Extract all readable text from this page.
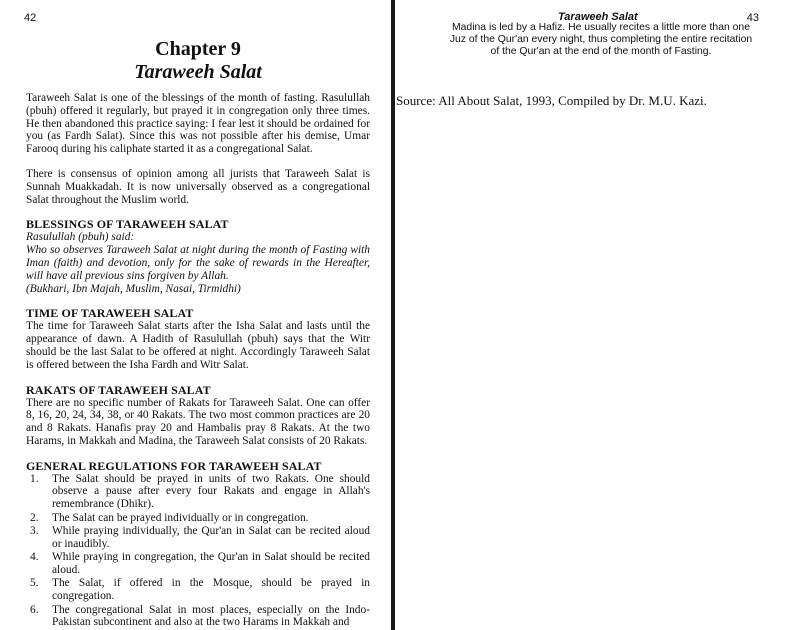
42
Chapter 9
Taraweeh Salat

Taraweeh Salat is one of the blessings of the month of fasting. Rasulullah (pbuh) offered it regularly, but prayed it in congregation only three times. He then abandoned this practice saying: I fear lest it should be ordained for you (as Fardh Salat). Since this was not possible after his demise, Umar Farooq during his caliphate started it as a congregational Salat.

There is consensus of opinion among all jurists that Taraweeh Salat is Sunnah Muakkadah. It is now universally observed as a congregational Salat throughout the Muslim world.

BLESSINGS OF TARAWEEH SALAT
Rasulullah (pbuh) said:
Who so observes Taraweeh Salat at night during the month of Fasting with Iman (faith) and devotion, only for the sake of rewards in the Hereafter, will have all previous sins forgiven by Allah.

(Bukhari, Ibn Majah, Muslim, Nasai, Tirmidhi)

TIME OF TARAWEEH SALAT

The time for Taraweeh Salat starts after the Isha Salat and lasts until the appearance of dawn. A Hadith of Rasulullah (pbuh) says that the Witr should be the last Salat to be offered at night. Accordingly Taraweeh Salat is offered between the Isha Fardh and Witr Salat.

RAKATS OF TARAWEEH SALAT

There are no specific number of Rakats for Taraweeh Salat. One can offer 8, 16, 20, 24, 34, 38, or 40 Rakats. The two most common practices are 20 and 8 Rakats. Hanafis pray 20 and Hambalis pray 8 Rakats. At the two Harams, in Makkah and Madina, the Taraweeh Salat consists of 20 Rakats.

GENERAL REGULATIONS FOR TARAWEEH SALAT
1.	The Salat should be prayed in units of two Rakats. One should observe a pause after every four Rakats and engage in Allah's remembrance (Dhikr).
2.	The Salat can be prayed individually or in congregation.
3.	While praying individually, the Qur'an in Salat can be recited aloud or inaudibly.
4.	While praying in congregation, the Qur'an in Salat should be recited aloud.
5.	The Salat, if offered in the Mosque, should be prayed in congregation.
6.	The congregational Salat in most places, especially on the Indo-Pakistan subcontinent and also at the two Harams in Makkah and
Taraweeh Salat	43
Madina is led by a Hafiz. He usually recites a little more than one Juz of the Qur'an every night, thus completing the entire recitation of the Qur'an at the end of the month of Fasting.
Source: All About Salat, 1993, Compiled by Dr. M.U. Kazi.
